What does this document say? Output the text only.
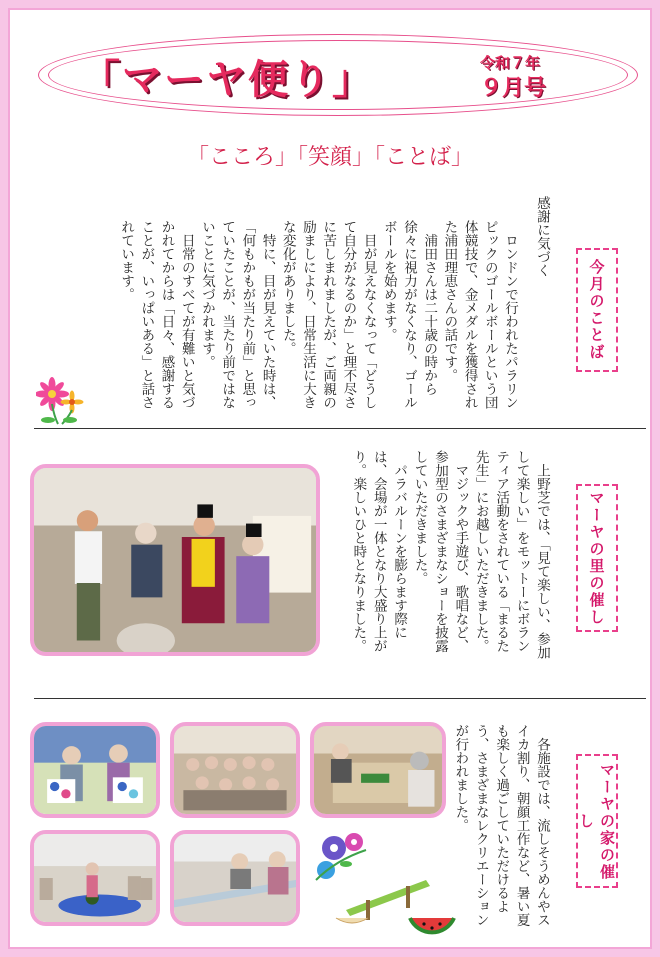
「マーヤ便り」	令和７年
９月号
「こころ」「笑顔」「ことば」
今月のことば
感謝に気づく
　ロンドンで行われたパラリン
ピックのゴールボールという団
体競技で、金メダルを獲得され
た浦田理恵さんの話です。
　浦田さんは二十歳の時から
徐々に視力がなくなり、ゴール
ボールを始めます。
　目が見えなくなって「どうし
て自分がなるのか」と理不尽さ
に苦しまれましたが、ご両親の
励ましにより、日常生活に大き
な変化がありました。
　特に、目が見えていた時は、
「何もかもが当たり前」と思っ
ていたことが、当たり前ではな
いことに気づかれます。
　日常のすべてが有難いと気づ
かれてからは「日々、感謝する
ことが、いっぱいある」と話さ
れています。
マーヤの里の催し
　上野芝では、「見て楽しい、参加
して楽しい」をモットーにボラン
ティア活動をされている「まるた
先生」にお越しいただきました。
　マジックや手遊び、歌唱など、
参加型のさまざまなショーを披露
していただきました。
　パラバルーンを膨らます際に
は、会場が一体となり大盛り上が
り。楽しいひと時となりました。
マーヤの家の催し
　各施設では、流しそうめんやス
イカ割り、朝顔工作など、暑い夏
も楽しく過ごしていただけるよ
う、さまざまなレクリエーション
が行われました。
